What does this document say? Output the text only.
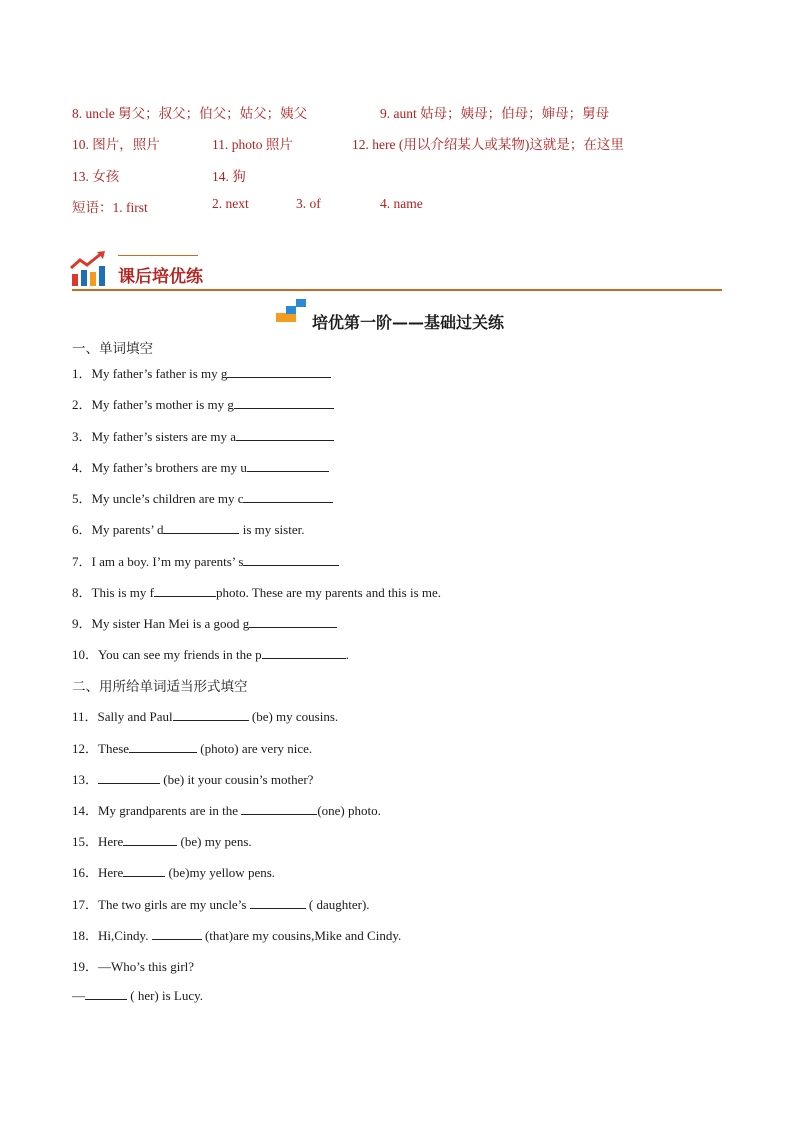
8. uncle 舅父；叔父；伯父；姑父；姨父	9. aunt 姑母；姨母；伯母；婶母；舅母
10. 图片，照片	11. photo 照片	12. here (用以介绍某人或某物)这就是；在这里
13. 女孩	14. 狗
短语：1. first	2. next	3. of	4. name
课后培优练
培优第一阶——基础过关练
一、单词填空
1．My father’s father is my g
2．My father’s mother is my g
3．My father’s sisters are my a
4．My father’s brothers are my u
5．My uncle’s children are my c
6．My parents’ d	is my sister.
7．I am a boy. I’m my parents’ s
8．This is my f	photo. These are my parents and this is me.
9．My sister Han Mei is a good g
10．You can see my friends in the p	.
二、用所给单词适当形式填空
11．Sally and Paul	(be) my cousins.
12．These	(photo) are very nice.
13．	(be) it your cousin’s mother?
14．My grandparents are in the	(one) photo.
15．Here	(be) my pens.
16．Here	(be)my yellow pens.
17．The two girls are my uncle’s	( daughter).
18．Hi,Cindy.	(that)are my cousins,Mike and Cindy.
19．—Who’s this girl?
—	( her) is Lucy.
